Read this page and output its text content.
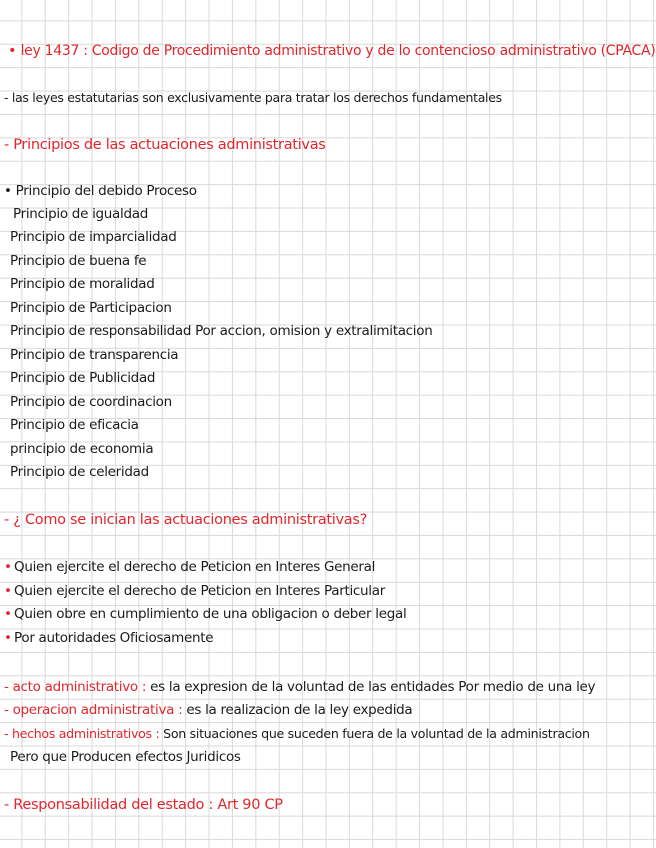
• ley 1437 : Codigo de Procedimiento administrativo y de lo contencioso administrativo (CPACA)
- las leyes estatutarias son exclusivamente para tratar los derechos fundamentales
- Principios de las actuaciones administrativas
• Principio del debido Proceso
Principio de igualdad
Principio de imparcialidad
Principio de buena fe
Principio de moralidad
Principio de Participacion
Principio de responsabilidad Por accion, omision y extralimitacion
Principio de transparencia
Principio de Publicidad
Principio de coordinacion
Principio de eficacia
principio de economia
Principio de celeridad
- ¿ Como se inician las actuaciones administrativas?
• Quien ejercite el derecho de Peticion en Interes General
• Quien ejercite el derecho de Peticion en Interes Particular
• Quien obre en cumplimiento de una obligacion o deber legal
• Por autoridades Oficiosamente
- acto administrativo : es la expresion de la voluntad de las entidades Por medio de una ley
- operacion administrativa : es la realizacion de la ley expedida
- hechos administrativos : Son situaciones que suceden fuera de la voluntad de la administracion
Pero que Producen efectos Juridicos
- Responsabilidad del estado : Art 90 CP
